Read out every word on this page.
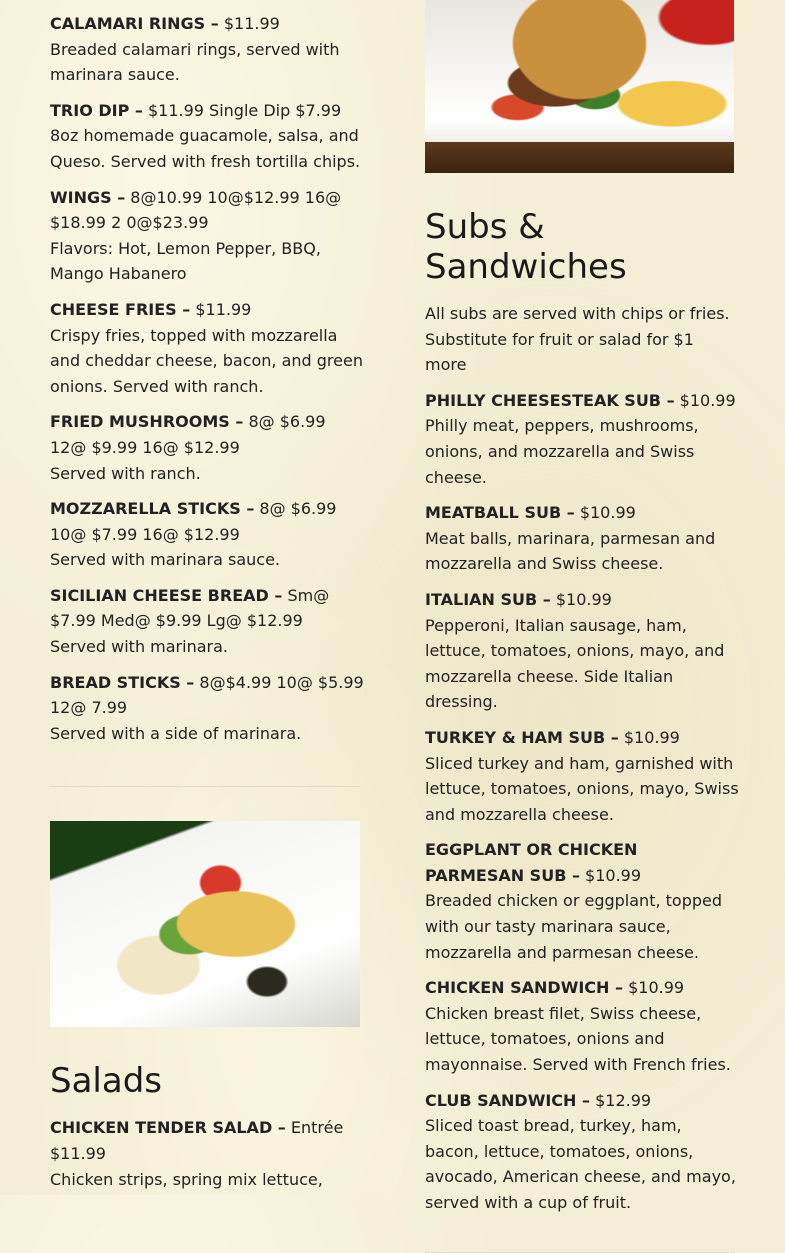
CALAMARI RINGS – $11.99
Breaded calamari rings, served with marinara sauce.
TRIO DIP – $11.99 Single Dip $7.99
8oz homemade guacamole, salsa, and Queso. Served with fresh tortilla chips.
WINGS – 8@10.99 10@$12.99 16@ $18.99 2 0@$23.99
Flavors: Hot, Lemon Pepper, BBQ, Mango Habanero
CHEESE FRIES – $11.99
Crispy fries, topped with mozzarella and cheddar cheese, bacon, and green onions. Served with ranch.
FRIED MUSHROOMS – 8@ $6.99 12@ $9.99 16@ $12.99
Served with ranch.
MOZZARELLA STICKS – 8@ $6.99 10@ $7.99 16@ $12.99
Served with marinara sauce.
SICILIAN CHEESE BREAD – Sm@ $7.99 Med@ $9.99 Lg@ $12.99
Served with marinara.
BREAD STICKS – 8@$4.99 10@ $5.99 12@ 7.99
Served with a side of marinara.
Salads
CHICKEN TENDER SALAD – Entrée $11.99
Chicken strips, spring mix lettuce,
Subs & Sandwiches

All subs are served with chips or fries. Substitute for fruit or salad for $1 more

PHILLY CHEESESTEAK SUB – $10.99
Philly meat, peppers, mushrooms, onions, and mozzarella and Swiss cheese.
MEATBALL SUB – $10.99
Meat balls, marinara, parmesan and mozzarella and Swiss cheese.
ITALIAN SUB – $10.99
Pepperoni, Italian sausage, ham, lettuce, tomatoes, onions, mayo, and mozzarella cheese. Side Italian dressing.
TURKEY & HAM SUB – $10.99
Sliced turkey and ham, garnished with lettuce, tomatoes, onions, mayo, Swiss and mozzarella cheese.
EGGPLANT OR CHICKEN PARMESAN SUB – $10.99
Breaded chicken or eggplant, topped with our tasty marinara sauce, mozzarella and parmesan cheese.
CHICKEN SANDWICH – $10.99
Chicken breast filet, Swiss cheese, lettuce, tomatoes, onions and mayonnaise. Served with French fries.
CLUB SANDWICH – $12.99
Sliced toast bread, turkey, ham, bacon, lettuce, tomatoes, onions, avocado, American cheese, and mayo, served with a cup of fruit.
